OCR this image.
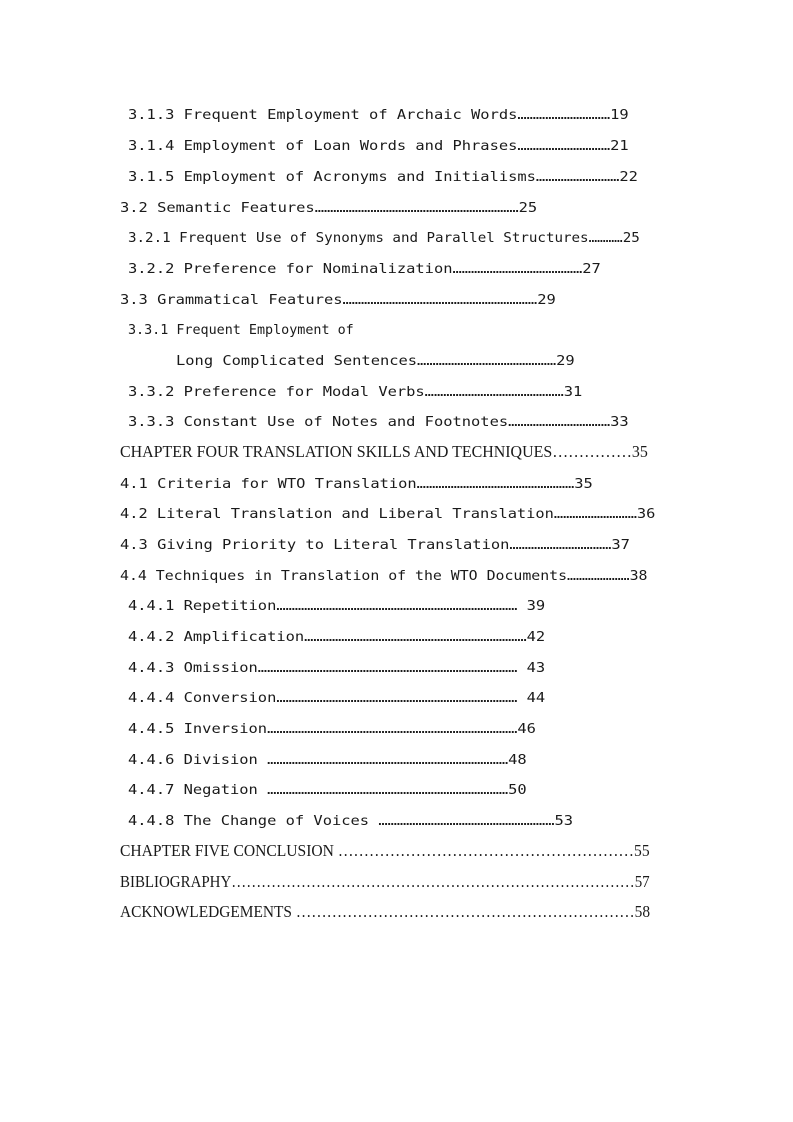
3.1.3 Frequent Employment of Archaic Words…………………………19
3.1.4 Employment of Loan Words and Phrases…………………………21
3.1.5 Employment of Acronyms and Initialisms………………………22
3.2 Semantic Features…………………………………………………………25
3.2.1 Frequent Use of Synonyms and Parallel Structures…………25
3.2.2 Preference for Nominalization……………………………………27
3.3 Grammatical Features………………………………………………………29
3.3.1 Frequent Employment of
Long Complicated Sentences………………………………………29
3.3.2 Preference for Modal Verbs………………………………………31
3.3.3 Constant Use of Notes and Footnotes……………………………33
CHAPTER FOUR TRANSLATION SKILLS AND TECHNIQUES……………35
4.1 Criteria for WTO Translation……………………………………………35
4.2 Literal Translation and Liberal Translation………………………36
4.3 Giving Priority to Literal Translation……………………………37
4.4 Techniques in Translation of the WTO Documents…………………38
4.4.1 Repetition…………………………………………………………………… 39
4.4.2 Amplification………………………………………………………………42
4.4.3 Omission………………………………………………………………………… 43
4.4.4 Conversion…………………………………………………………………… 44
4.4.5 Inversion………………………………………………………………………46
4.4.6 Division ……………………………………………………………………48
4.4.7 Negation ……………………………………………………………………50
4.4.8 The Change of Voices …………………………………………………53
CHAPTER FIVE CONCLUSION …………………………………………………55
BIBLIOGRAPHY………………………………………………………………………57
ACKNOWLEDGEMENTS …………………………………………………………58
